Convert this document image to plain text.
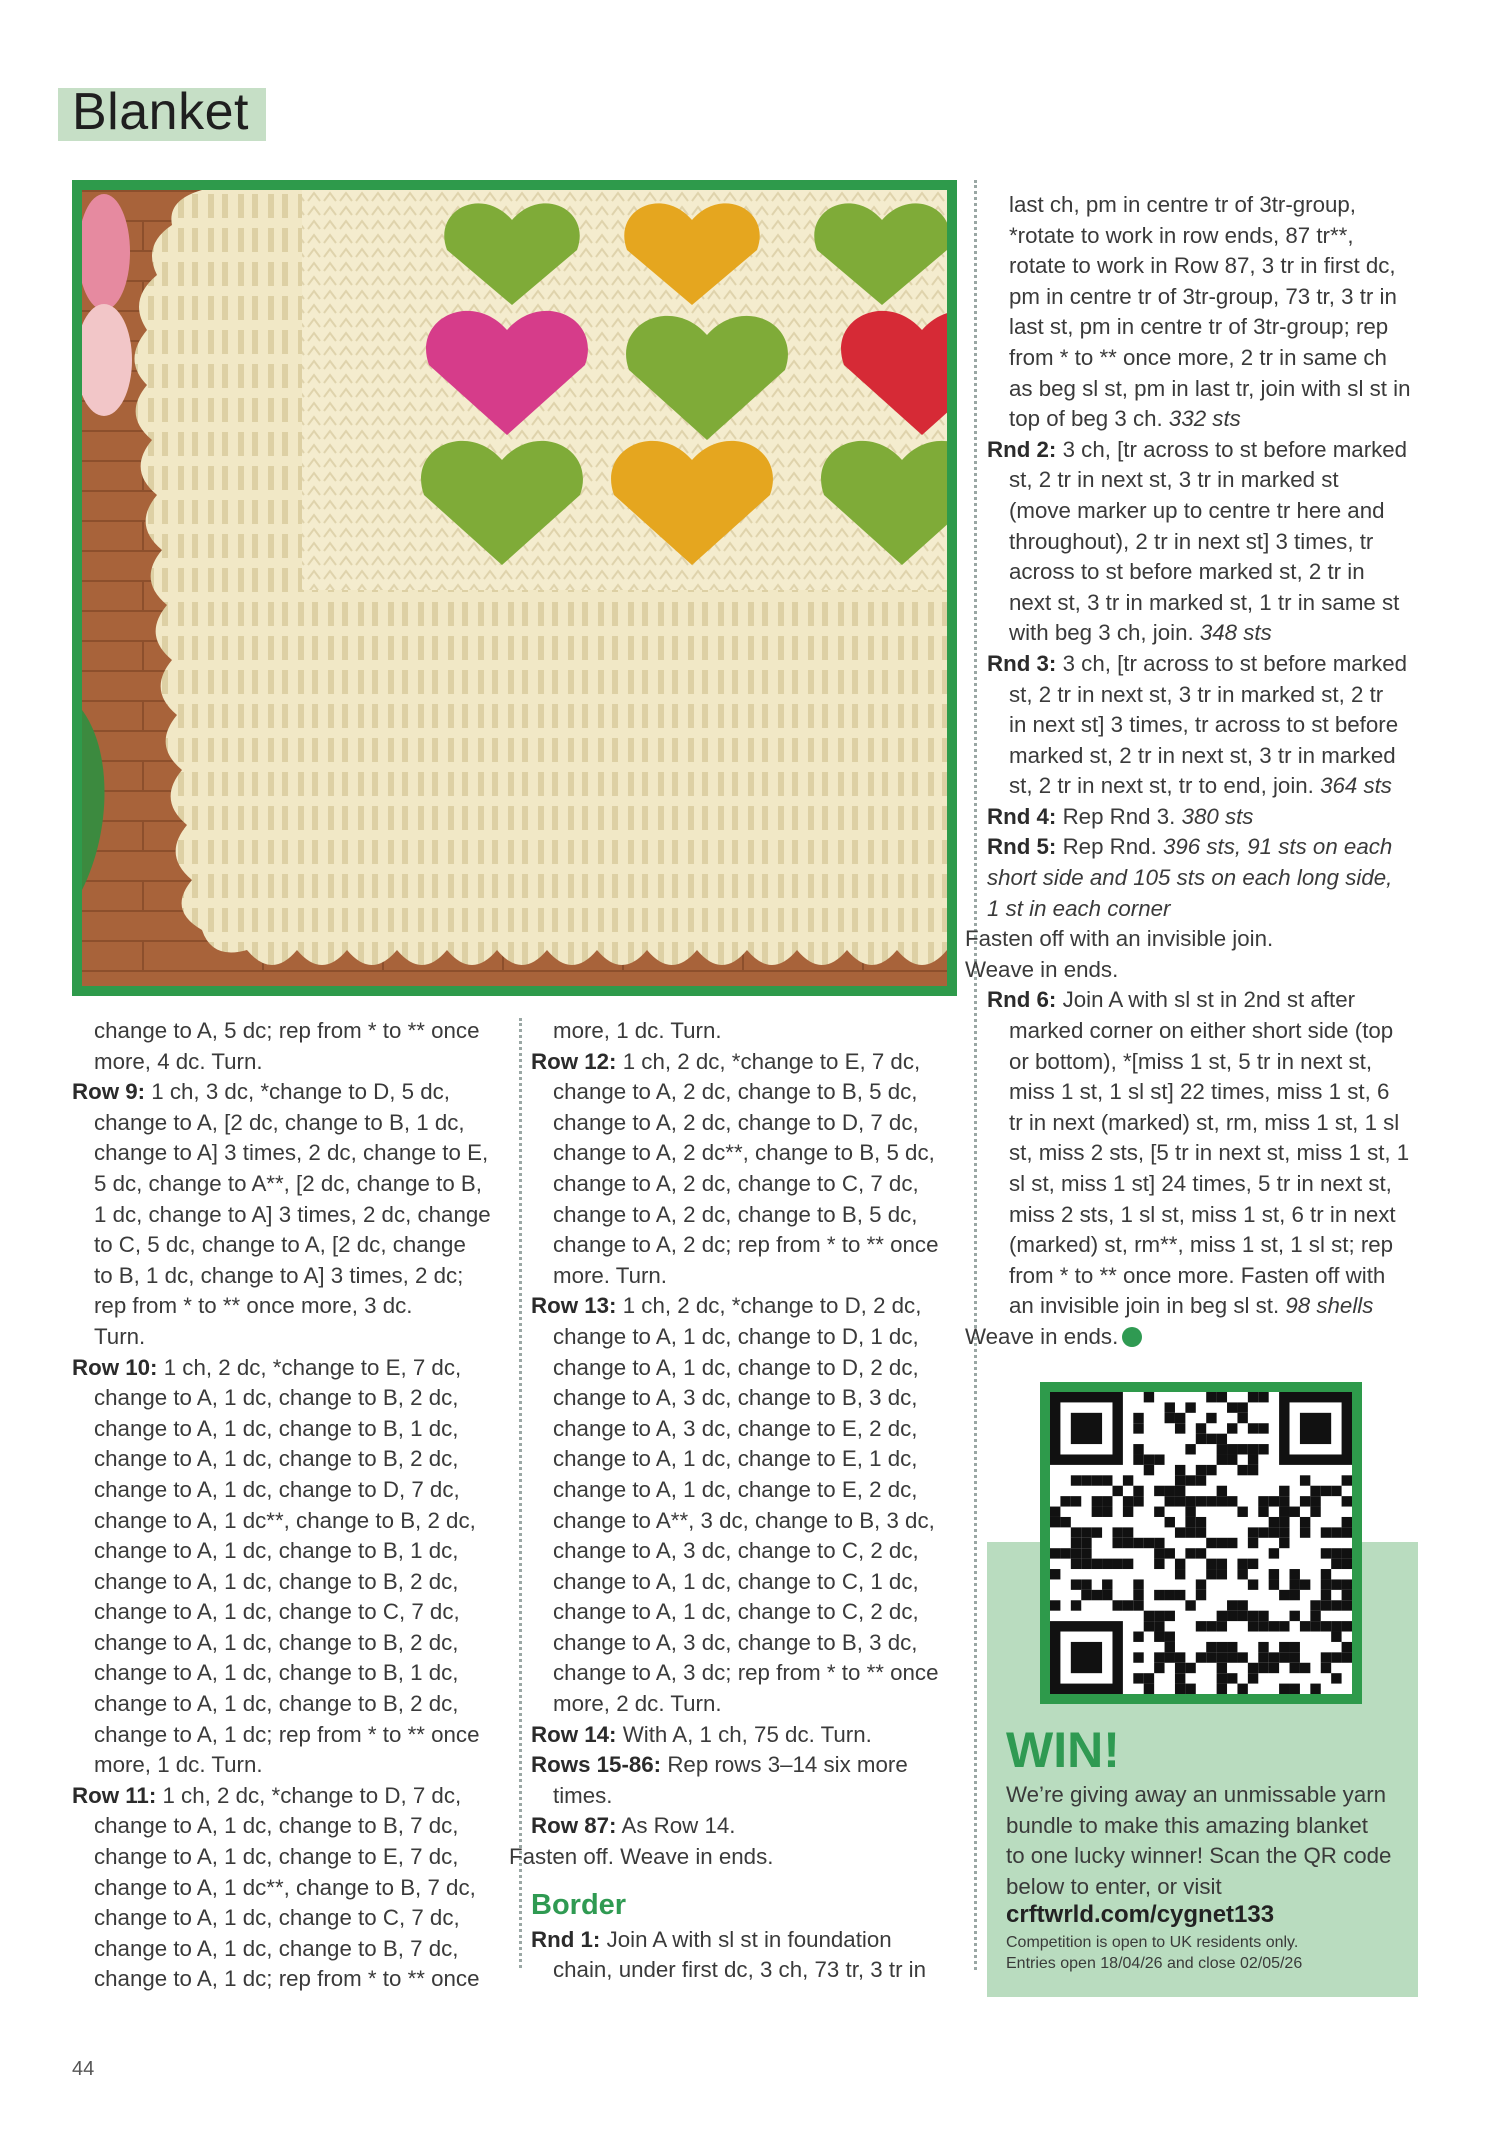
Blanket
change to A, 5 dc; rep from * to ** once
more, 4 dc. Turn.
Row 9: 1 ch, 3 dc, *change to D, 5 dc,
change to A, [2 dc, change to B, 1 dc,
change to A] 3 times, 2 dc, change to E,
5 dc, change to A**, [2 dc, change to B,
1 dc, change to A] 3 times, 2 dc, change
to C, 5 dc, change to A, [2 dc, change
to B, 1 dc, change to A] 3 times, 2 dc;
rep from * to ** once more, 3 dc.
Turn.
Row 10: 1 ch, 2 dc, *change to E, 7 dc,
change to A, 1 dc, change to B, 2 dc,
change to A, 1 dc, change to B, 1 dc,
change to A, 1 dc, change to B, 2 dc,
change to A, 1 dc, change to D, 7 dc,
change to A, 1 dc**, change to B, 2 dc,
change to A, 1 dc, change to B, 1 dc,
change to A, 1 dc, change to B, 2 dc,
change to A, 1 dc, change to C, 7 dc,
change to A, 1 dc, change to B, 2 dc,
change to A, 1 dc, change to B, 1 dc,
change to A, 1 dc, change to B, 2 dc,
change to A, 1 dc; rep from * to ** once
more, 1 dc. Turn.
Row 11: 1 ch, 2 dc, *change to D, 7 dc,
change to A, 1 dc, change to B, 7 dc,
change to A, 1 dc, change to E, 7 dc,
change to A, 1 dc**, change to B, 7 dc,
change to A, 1 dc, change to C, 7 dc,
change to A, 1 dc, change to B, 7 dc,
change to A, 1 dc; rep from * to ** once
more, 1 dc. Turn.
Row 12: 1 ch, 2 dc, *change to E, 7 dc,
change to A, 2 dc, change to B, 5 dc,
change to A, 2 dc, change to D, 7 dc,
change to A, 2 dc**, change to B, 5 dc,
change to A, 2 dc, change to C, 7 dc,
change to A, 2 dc, change to B, 5 dc,
change to A, 2 dc; rep from * to ** once
more. Turn.
Row 13: 1 ch, 2 dc, *change to D, 2 dc,
change to A, 1 dc, change to D, 1 dc,
change to A, 1 dc, change to D, 2 dc,
change to A, 3 dc, change to B, 3 dc,
change to A, 3 dc, change to E, 2 dc,
change to A, 1 dc, change to E, 1 dc,
change to A, 1 dc, change to E, 2 dc,
change to A**, 3 dc, change to B, 3 dc,
change to A, 3 dc, change to C, 2 dc,
change to A, 1 dc, change to C, 1 dc,
change to A, 1 dc, change to C, 2 dc,
change to A, 3 dc, change to B, 3 dc,
change to A, 3 dc; rep from * to ** once
more, 2 dc. Turn.
Row 14: With A, 1 ch, 75 dc. Turn.
Rows 15-86: Rep rows 3–14 six more
times.
Row 87: As Row 14.
Fasten off. Weave in ends.
Border
Rnd 1: Join A with sl st in foundation
chain, under first dc, 3 ch, 73 tr, 3 tr in
last ch, pm in centre tr of 3tr-group,
*rotate to work in row ends, 87 tr**,
rotate to work in Row 87, 3 tr in first dc,
pm in centre tr of 3tr-group, 73 tr, 3 tr in
last st, pm in centre tr of 3tr-group; rep
from * to ** once more, 2 tr in same ch
as beg sl st, pm in last tr, join with sl st in
top of beg 3 ch. 332 sts
Rnd 2: 3 ch, [tr across to st before marked
st, 2 tr in next st, 3 tr in marked st
(move marker up to centre tr here and
throughout), 2 tr in next st] 3 times, tr
across to st before marked st, 2 tr in
next st, 3 tr in marked st, 1 tr in same st
with beg 3 ch, join. 348 sts
Rnd 3: 3 ch, [tr across to st before marked
st, 2 tr in next st, 3 tr in marked st, 2 tr
in next st] 3 times, tr across to st before
marked st, 2 tr in next st, 3 tr in marked
st, 2 tr in next st, tr to end, join. 364 sts
Rnd 4: Rep Rnd 3. 380 sts
Rnd 5: Rep Rnd. 396 sts, 91 sts on each
short side and 105 sts on each long side,
1 st in each corner
Fasten off with an invisible join.
Weave in ends.
Rnd 6: Join A with sl st in 2nd st after
marked corner on either short side (top
or bottom), *[miss 1 st, 5 tr in next st,
miss 1 st, 1 sl st] 22 times, miss 1 st, 6
tr in next (marked) st, rm, miss 1 st, 1 sl
st, miss 2 sts, [5 tr in next st, miss 1 st, 1
sl st, miss 1 st] 24 times, 5 tr in next st,
miss 2 sts, 1 sl st, miss 1 st, 6 tr in next
(marked) st, rm**, miss 1 st, 1 sl st; rep
from * to ** once more. Fasten off with
an invisible join in beg sl st. 98 shells
Weave in ends.
WIN!
We’re giving away an unmissable yarn
bundle to make this amazing blanket
to one lucky winner! Scan the QR code
below to enter, or visit
crftwrld.com/cygnet133
Competition is open to UK residents only.
Entries open 18/04/26 and close 02/05/26
44
